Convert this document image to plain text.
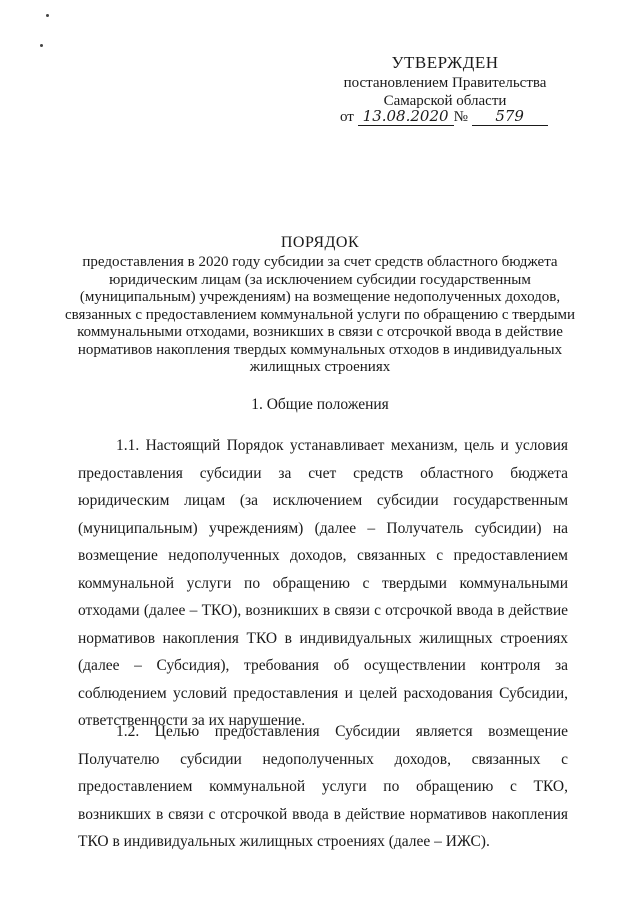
УТВЕРЖДЕН
постановлением Правительства
Самарской области
от 13.08.2020 № 579
ПОРЯДОК
предоставления в 2020 году субсидии за счет средств областного бюджета юридическим лицам (за исключением субсидии государственным (муниципальным) учреждениям) на возмещение недополученных доходов, связанных с предоставлением коммунальной услуги по обращению с твердыми коммунальными отходами, возникших в связи с отсрочкой ввода в действие нормативов накопления твердых коммунальных отходов в индивидуальных жилищных строениях
1. Общие положения
1.1. Настоящий Порядок устанавливает механизм, цель и условия предоставления субсидии за счет средств областного бюджета юридическим лицам (за исключением субсидии государственным (муниципальным) учреждениям) (далее – Получатель субсидии) на возмещение недополученных доходов, связанных с предоставлением коммунальной услуги по обращению с твердыми коммунальными отходами (далее – ТКО), возникших в связи с отсрочкой ввода в действие нормативов накопления ТКО в индивидуальных жилищных строениях (далее – Субсидия), требования об осуществлении контроля за соблюдением условий предоставления и целей расходования Субсидии, ответственности за их нарушение.
1.2. Целью предоставления Субсидии является возмещение Получателю субсидии недополученных доходов, связанных с предоставлением коммунальной услуги по обращению с ТКО, возникших в связи с отсрочкой ввода в действие нормативов накопления ТКО в индивидуальных жилищных строениях (далее – ИЖС).
